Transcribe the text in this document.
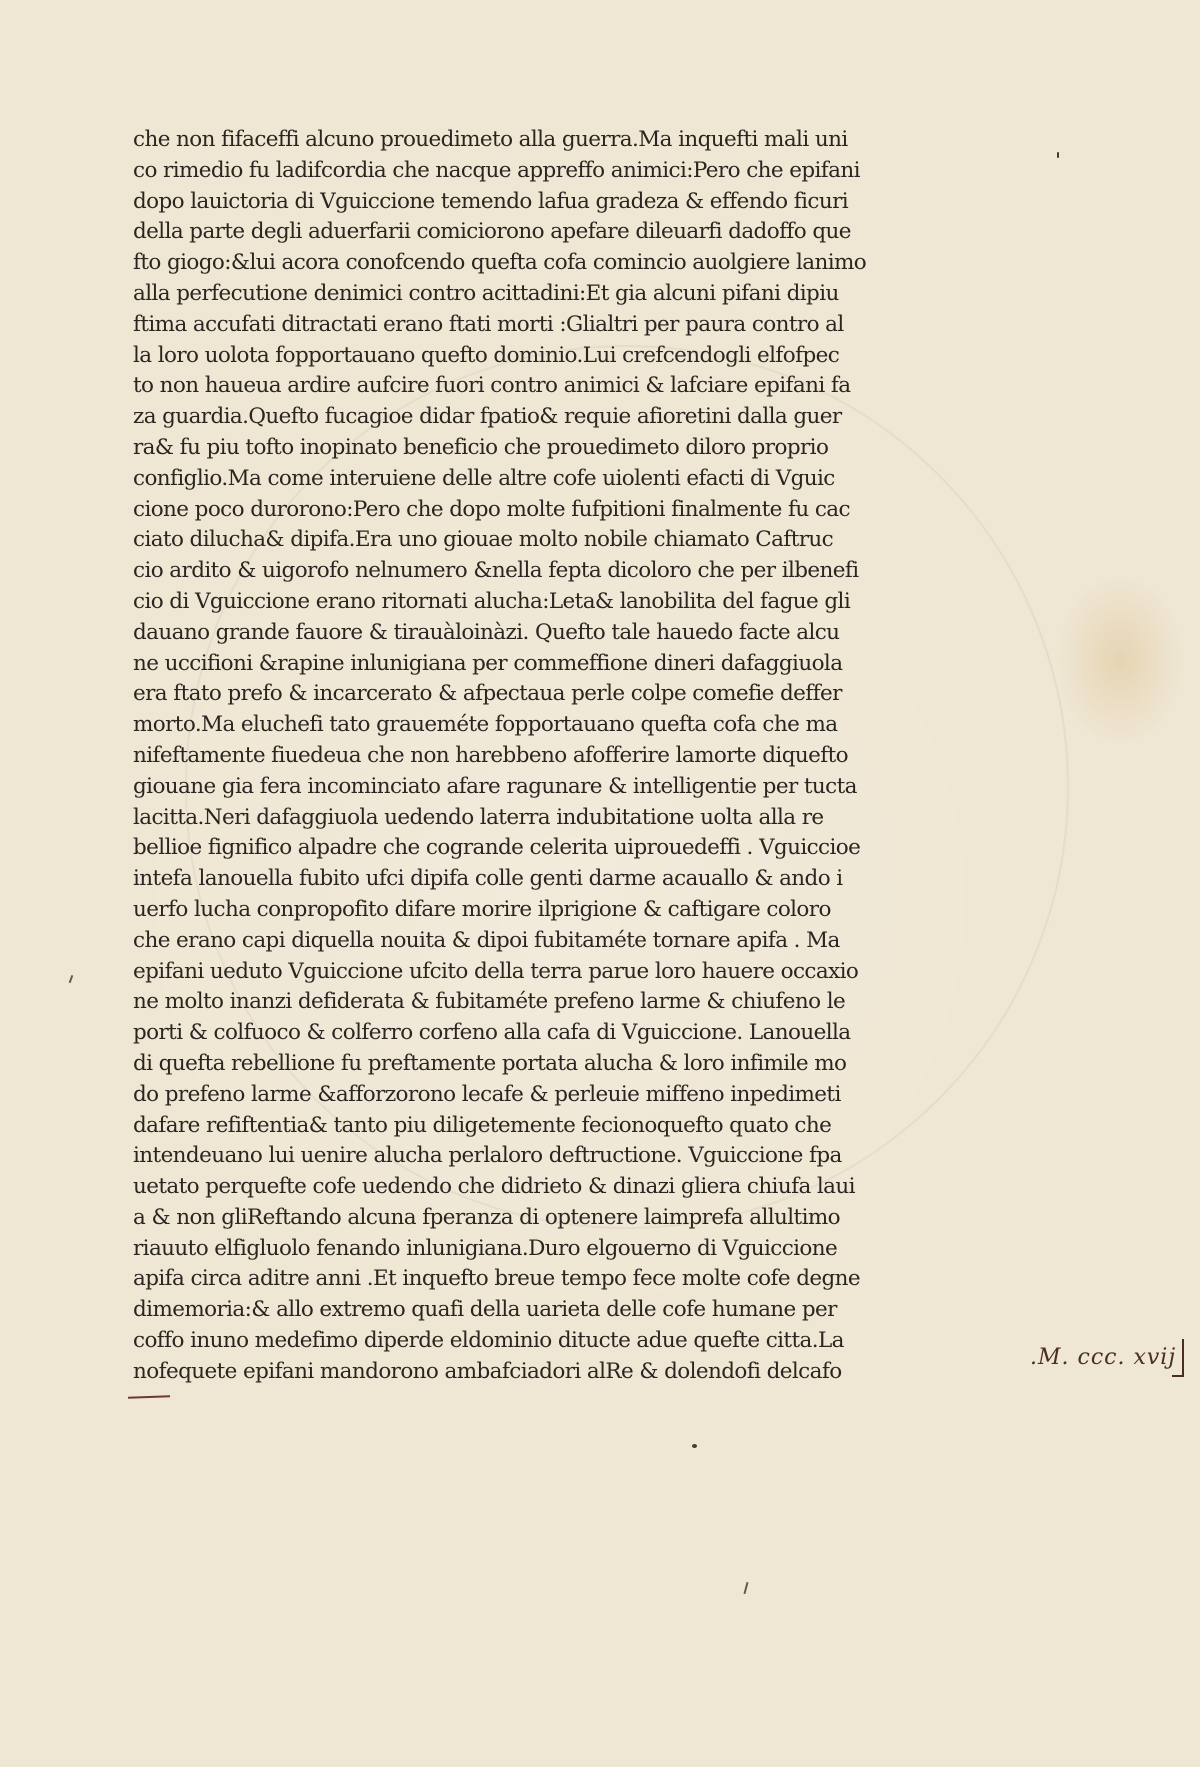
che non fifaceffi alcuno prouedimeto alla guerra.Ma inquefti mali uni
co rimedio fu ladifcordia che nacque appreffo animici:Pero che epifani
dopo lauictoria di Vguiccione temendo lafua gradeza & effendo ficuri
della parte degli aduerfarii comiciorono apefare dileuarfi dadoffo que
fto giogo:&lui acora conofcendo quefta cofa comincio auolgiere lanimo
alla perfecutione denimici contro acittadini:Et gia alcuni pifani dipiu
ftima accufati ditractati erano ftati morti :Glialtri per paura contro al
la loro uolota fopportauano quefto dominio.Lui crefcendogli elfofpec
to non haueua ardire aufcire fuori contro animici & lafciare epifani fa
za guardia.Quefto fucagioe didar fpatio& requie afioretini dalla guer
ra& fu piu tofto inopinato beneficio che prouedimeto diloro proprio
configlio.Ma come interuiene delle altre cofe uiolenti efacti di Vguic
cione poco durorono:Pero che dopo molte fufpitioni finalmente fu cac
ciato dilucha& dipifa.Era uno giouae molto nobile chiamato Caftruc
cio ardito & uigorofo nelnumero &nella fepta dicoloro che per ilbenefi
cio di Vguiccione erano ritornati alucha:Leta& lanobilita del fague gli
dauano grande fauore & tirauàloinàzi. Quefto tale hauedo facte alcu
ne uccifioni &rapine inlunigiana per commeffione dineri dafaggiuola
era ftato prefo & incarcerato & afpectaua perle colpe comefie deffer
morto.Ma eluchefi tato graueméte fopportauano quefta cofa che ma
nifeftamente fiuedeua che non harebbeno afofferire lamorte diquefto
giouane gia fera incominciato afare ragunare & intelligentie per tucta
lacitta.Neri dafaggiuola uedendo laterra indubitatione uolta alla re
bellioe fignifico alpadre che cogrande celerita uiprouedeffi . Vguiccioe
intefa lanouella fubito ufci dipifa colle genti darme acauallo & ando i
uerfo lucha conpropofito difare morire ilprigione & caftigare coloro
che erano capi diquella nouita & dipoi fubitaméte tornare apifa . Ma
epifani ueduto Vguiccione ufcito della terra parue loro hauere occaxio
ne molto inanzi defiderata & fubitaméte prefeno larme & chiufeno le
porti & colfuoco & colferro corfeno alla cafa di Vguiccione. Lanouella
di quefta rebellione fu preftamente portata alucha & loro infimile mo
do prefeno larme &afforzorono lecafe & perleuie miffeno inpedimeti
dafare refiftentia& tanto piu diligetemente fecionoquefto quato che
intendeuano lui uenire alucha perlaloro deftructione. Vguiccione fpa
uetato perquefte cofe uedendo che didrieto & dinazi gliera chiufa laui
a & non gliReftando alcuna fperanza di optenere laimprefa allultimo
riauuto elfigluolo fenando inlunigiana.Duro elgouerno di Vguiccione
apifa circa aditre anni .Et inquefto breue tempo fece molte cofe degne
dimemoria:& allo extremo quafi della uarieta delle cofe humane per
coffo inuno medefimo diperde eldominio ditucte adue quefte citta.La
nofequete epifani mandorono ambafciadori alRe & dolendofi delcafo
.M. ccc. xvij
